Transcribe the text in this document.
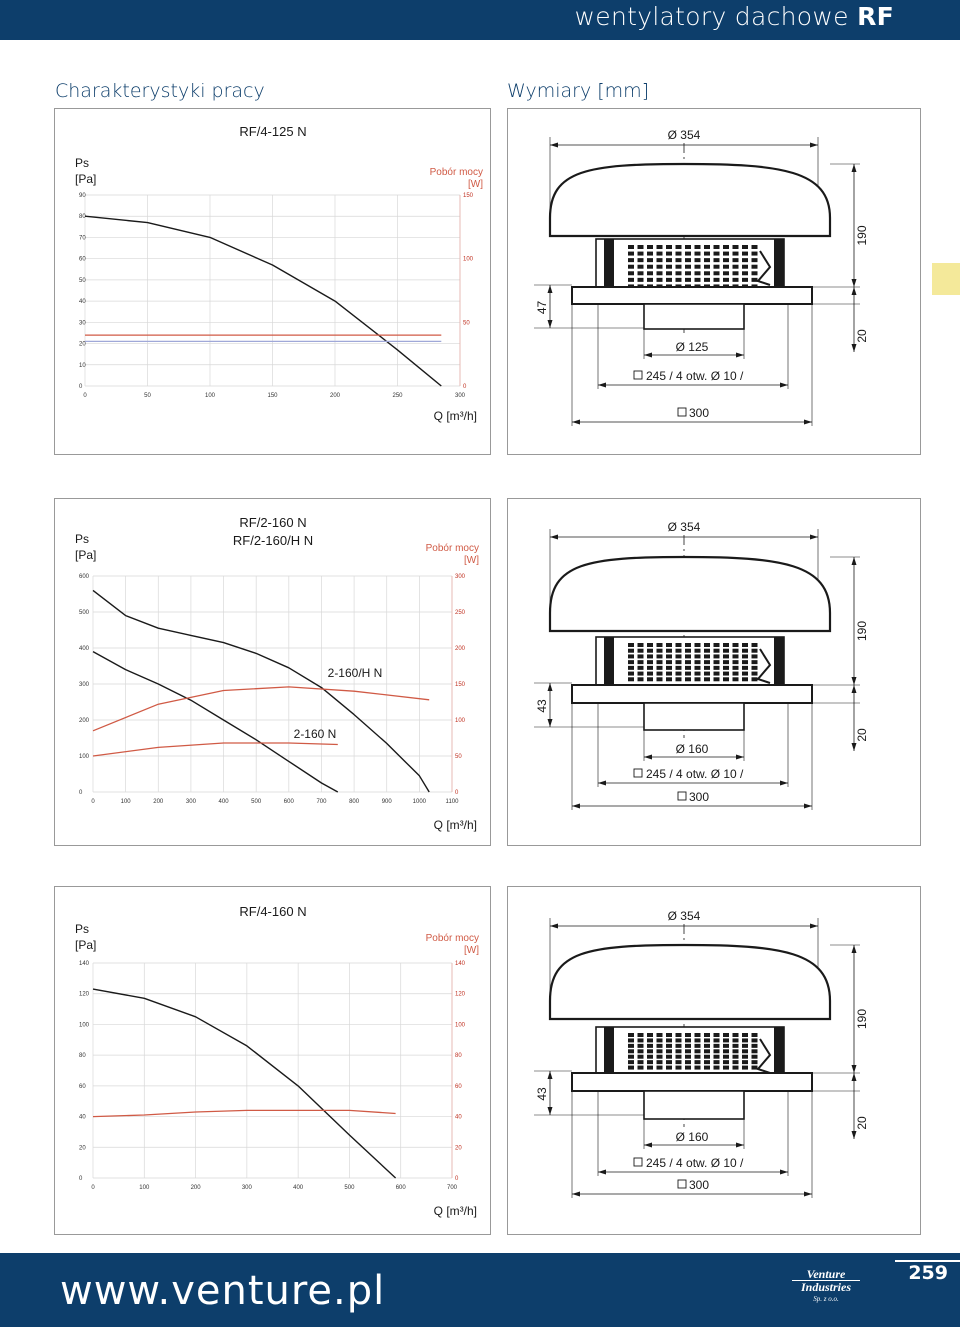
wentylatory dachowe RF
Charakterystyki pracy	Wymiary [mm]
0	50	100	150	200	250	300
0
10
20
30
40
50
60
70
80
90
0
50
100
150
RF/4-125 N
Ps
[Pa]	Pobór mocy
[W]
Q [m³/h]
Ø 354
190
20
47
Ø 125
245 / 4 otw. Ø 10 /
300
0	100	200	300	400	500	600	700	800	900	1000	1100
0
100
200
300
400
500
600
0
50
100
150
200
250
300
RF/2-160 N
RF/2-160/H N
Ps
[Pa]	Pobór mocy
[W]
Q [m³/h]
2-160/H N
2-160 N
Ø 354
190
20
43
Ø 160
245 / 4 otw. Ø 10 /
300
0	100	200	300	400	500	600	700
0
20
40
60
80
100
120
140
0
20
40
60
80
100
120
140
RF/4-160 N
Ps
[Pa]	Pobór mocy
[W]
Q [m³/h]
Ø 354
190
20
43
Ø 160
245 / 4 otw. Ø 10 /
300
www.venture.pl	Venture
Industries
Sp. z o.o.
259
